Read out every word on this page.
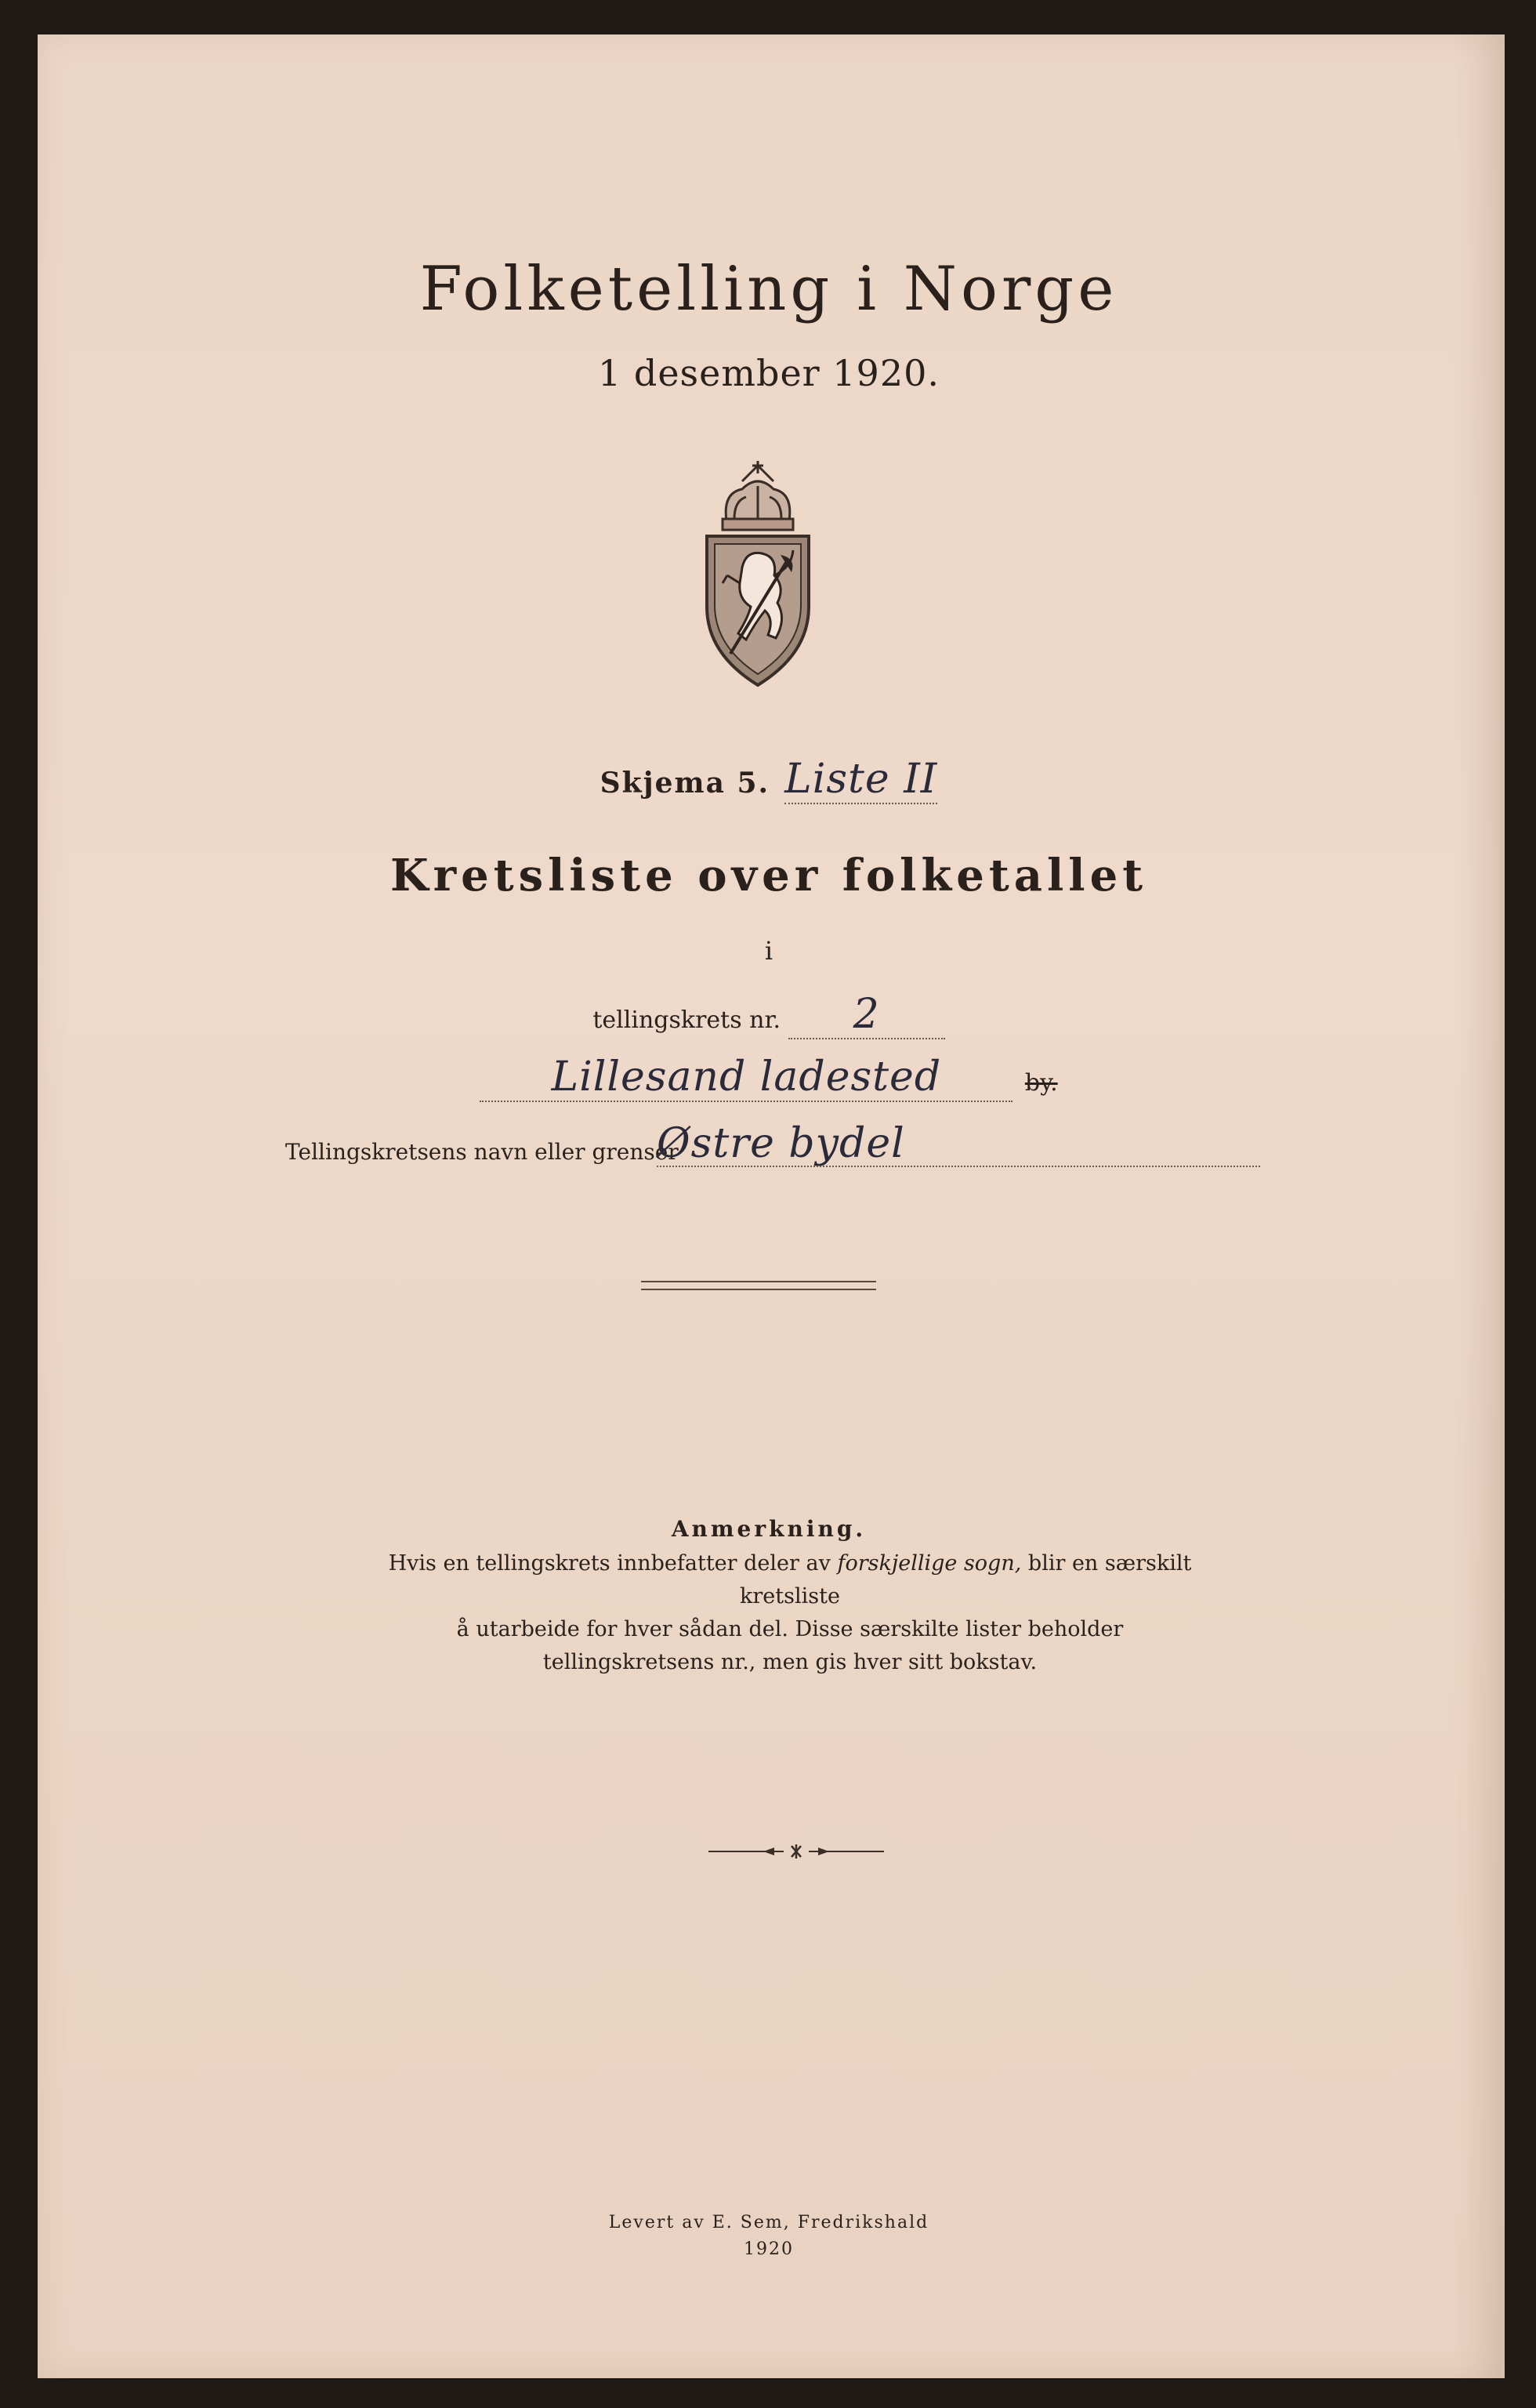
Folketelling i Norge
1 desember 1920.
Skjema 5. Liste II
Kretsliste over folketallet
i
tellingskrets nr. 2
Lillesand ladested	by.
Tellingskretsens navn eller grenser
Østre bydel
Anmerkning.
Hvis en tellingskrets innbefatter deler av forskjellige sogn, blir en særskilt kretsliste
å utarbeide for hver sådan del. Disse særskilte lister beholder
tellingskretsens nr., men gis hver sitt bokstav.
Levert av E. Sem, Fredrikshald
1920
